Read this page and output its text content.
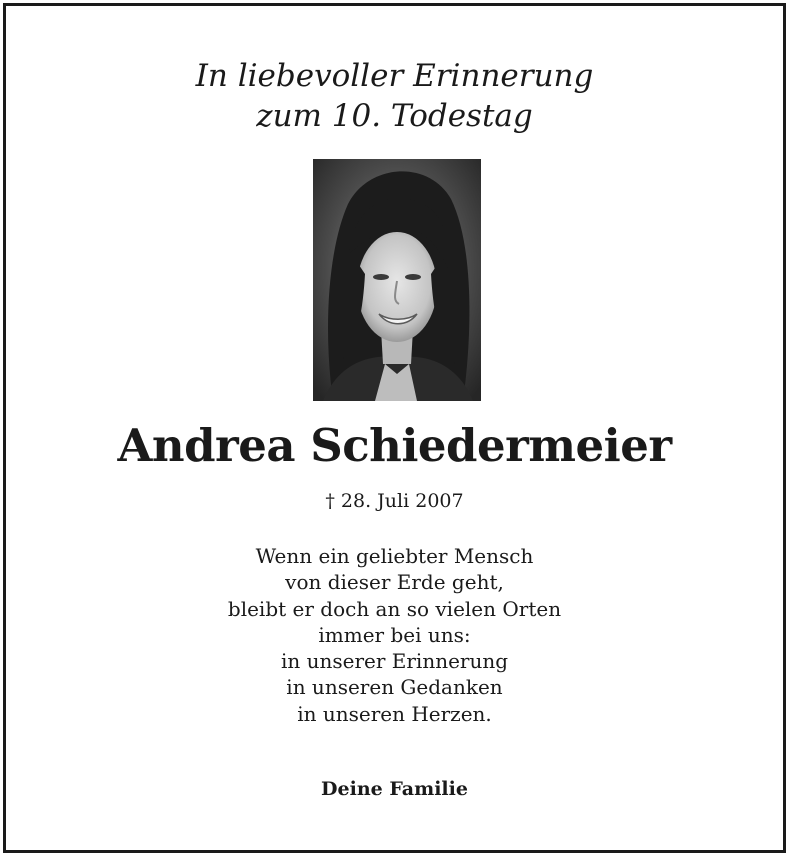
In liebevoller Erinnerung
zum 10. Todestag
Andrea Schiedermeier
† 28. Juli 2007
Wenn ein geliebter Mensch
von dieser Erde geht,
bleibt er doch an so vielen Orten
immer bei uns:
in unserer Erinnerung
in unseren Gedanken
in unseren Herzen.
Deine Familie
